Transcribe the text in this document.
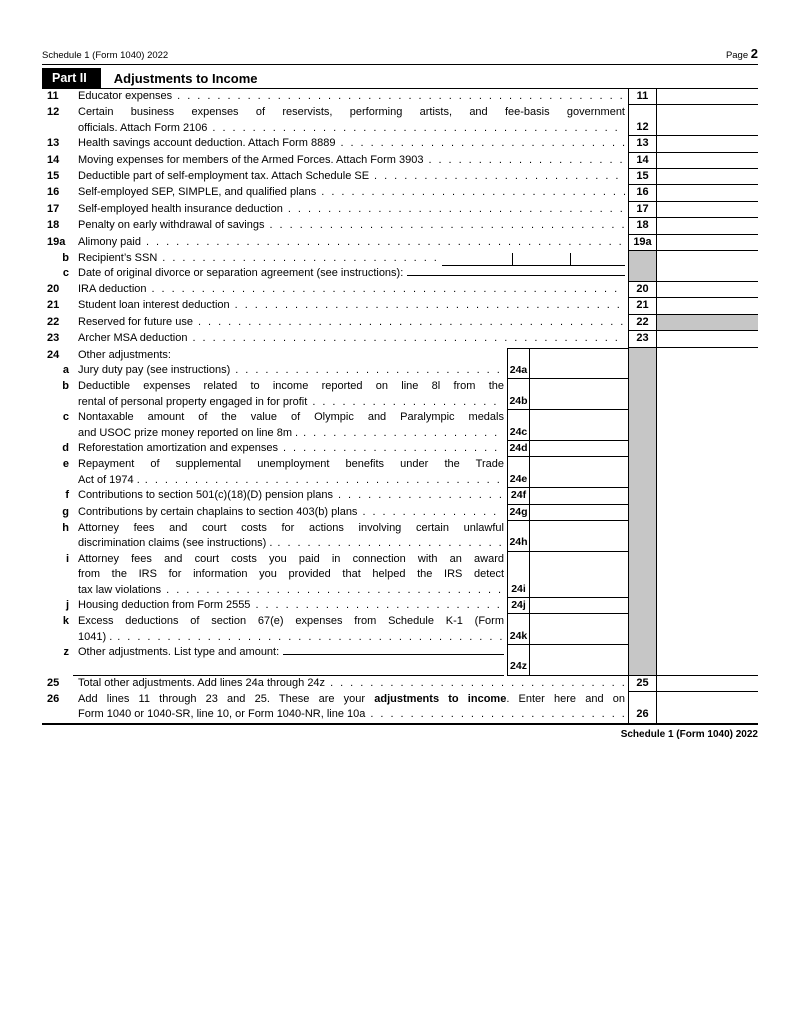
Schedule 1 (Form 1040) 2022	Page 2
Part II	Adjustments to Income
11	Educator expenses .....	11
12	Certain business expenses of reservists, performing artists, and fee-basis government
officials. Attach Form 2106 .....	12
13	Health savings account deduction. Attach Form 8889 .....	13
14	Moving expenses for members of the Armed Forces. Attach Form 3903 .....	14
15	Deductible part of self-employment tax. Attach Schedule SE .....	15
16	Self-employed SEP, SIMPLE, and qualified plans .....	16
17	Self-employed health insurance deduction .....	17
18	Penalty on early withdrawal of savings .....	18
19a	Alimony paid .....	19a
b Recipient’s SSN
.....
c Date of original divorce or separation agreement (see instructions):
20	IRA deduction .....	20
21	Student loan interest deduction .....	21
22	Reserved for future use .....	22
23	Archer MSA deduction .....	23
24	Other adjustments:
a Jury duty pay (see instructions) .....	24a
b Deductible expenses related to income reported on line 8l from the
rental of personal property engaged in for profit .....	24b
c Nontaxable amount of the value of Olympic and Paralympic medals
and USOC prize money reported on line 8m . .....	24c
d Reforestation amortization and expenses .....	24d
e Repayment of supplemental unemployment benefits under the Trade
Act of 1974 . .....	24e
f Contributions to section 501(c)(18)(D) pension plans .....	24f
g Contributions by certain chaplains to section 403(b) plans .....	24g
h Attorney fees and court costs for actions involving certain unlawful
discrimination claims (see instructions) . .....	24h
i Attorney fees and court costs you paid in connection with an award
from the IRS for information you provided that helped the IRS detect
tax law violations .....	24i
j Housing deduction from Form 2555 .....	24j
k Excess deductions of section 67(e) expenses from Schedule K-1 (Form
1041) . .....	24k
z Other adjustments. List type and amount:
24z
25	Total other adjustments. Add lines 24a through 24z .....	25
26	Add lines 11 through 23 and 25. These are your adjustments to income. Enter here and on
Form 1040 or 1040-SR, line 10, or Form 1040-NR, line 10a .....	26
Schedule 1 (Form 1040) 2022
